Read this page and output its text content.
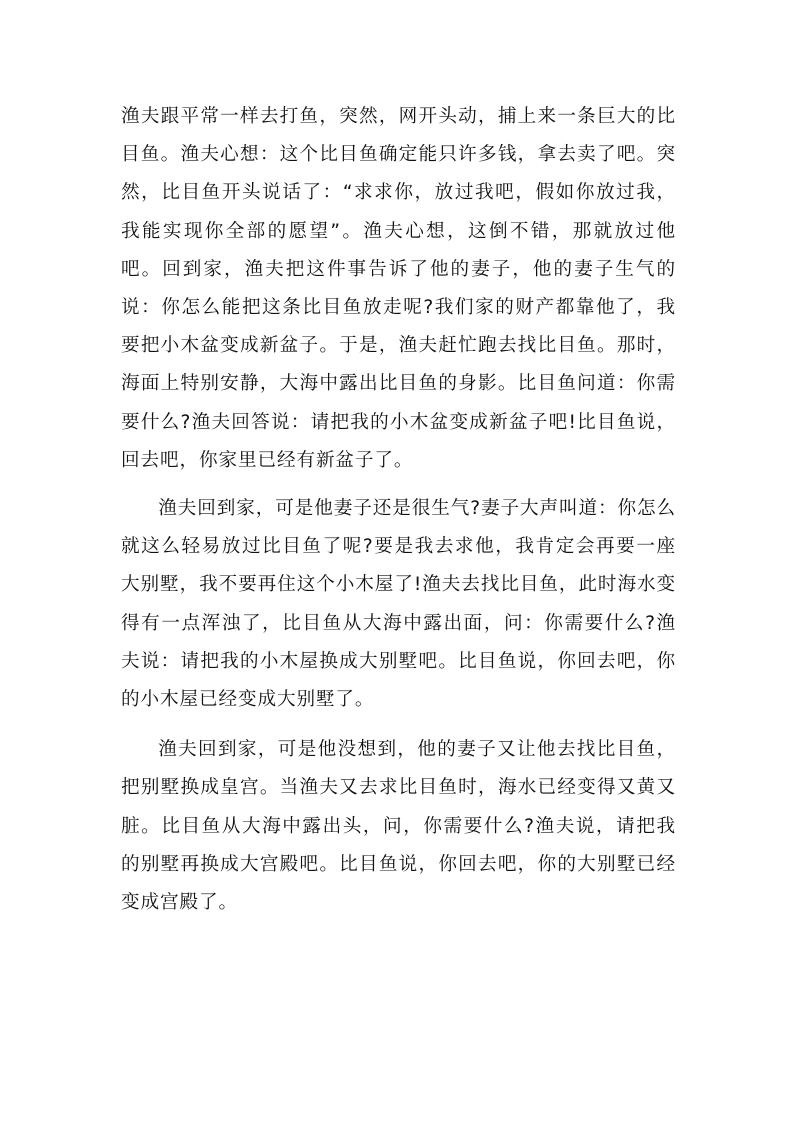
渔夫跟平常一样去打鱼，突然，网开头动，捕上来一条巨大的比目鱼。渔夫心想：这个比目鱼确定能只许多钱，拿去卖了吧。突然，比目鱼开头说话了：“求求你，放过我吧，假如你放过我，我能实现你全部的愿望”。渔夫心想，这倒不错，那就放过他吧。回到家，渔夫把这件事告诉了他的妻子，他的妻子生气的说：你怎么能把这条比目鱼放走呢?我们家的财产都靠他了，我要把小木盆变成新盆子。于是，渔夫赶忙跑去找比目鱼。那时，海面上特别安静，大海中露出比目鱼的身影。比目鱼问道：你需要什么?渔夫回答说：请把我的小木盆变成新盆子吧!比目鱼说，回去吧，你家里已经有新盆子了。

渔夫回到家，可是他妻子还是很生气?妻子大声叫道：你怎么就这么轻易放过比目鱼了呢?要是我去求他，我肯定会再要一座大别墅，我不要再住这个小木屋了!渔夫去找比目鱼，此时海水变得有一点浑浊了，比目鱼从大海中露出面，问：你需要什么?渔夫说：请把我的小木屋换成大别墅吧。比目鱼说，你回去吧，你的小木屋已经变成大别墅了。

渔夫回到家，可是他没想到，他的妻子又让他去找比目鱼，把别墅换成皇宫。当渔夫又去求比目鱼时，海水已经变得又黄又脏。比目鱼从大海中露出头，问，你需要什么?渔夫说，请把我的别墅再换成大宫殿吧。比目鱼说，你回去吧，你的大别墅已经变成宫殿了。
